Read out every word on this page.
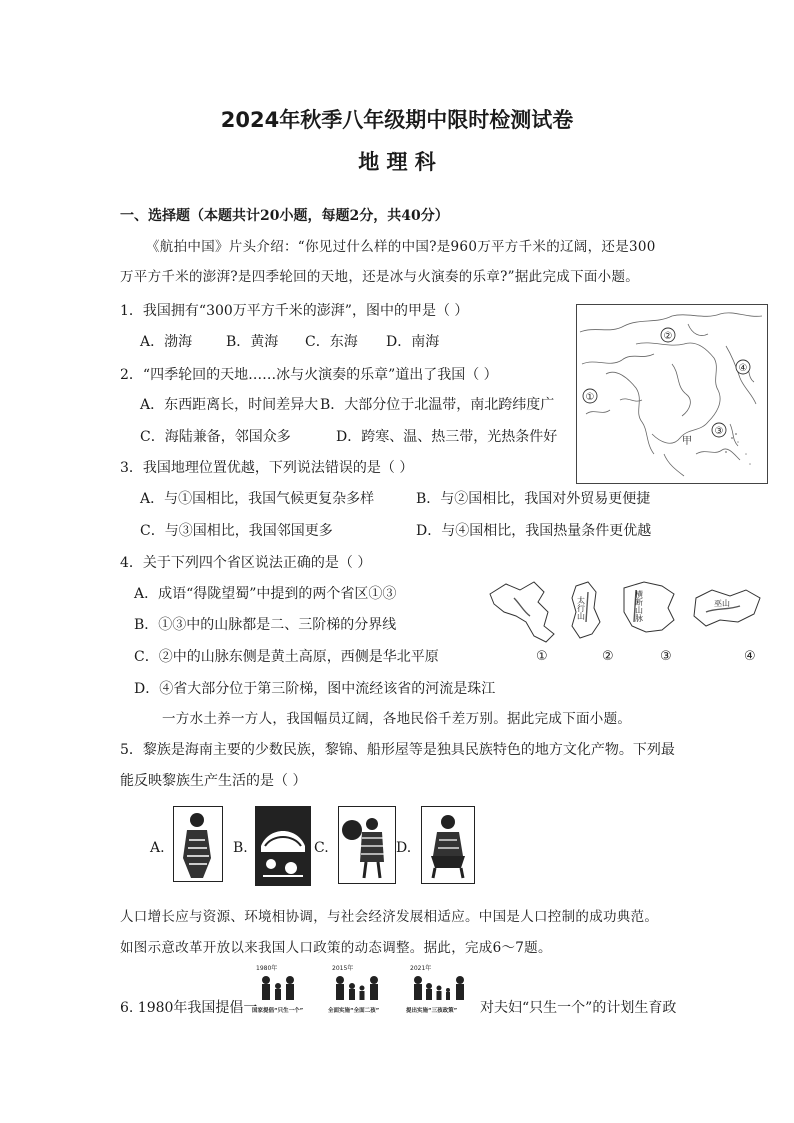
2024年秋季八年级期中限时检测试卷
地 理 科
一、选择题（本题共计20小题，每题2分，共40分）
《航拍中国》片头介绍：“你见过什么样的中国?是960万平方千米的辽阔，还是300
万平方千米的澎湃?是四季轮回的天地，还是冰与火演奏的乐章?”据此完成下面小题。
1．我国拥有“300万平方千米的澎湃”，图中的甲是（ ）
A．渤海 B．黄海 C．东海 D．南海
2．“四季轮回的天地……冰与火演奏的乐章”道出了我国（ ）
A．东西距离长，时间差异大 B．大部分位于北温带，南北跨纬度广
C．海陆兼备，邻国众多	D．跨寒、温、热三带，光热条件好
①
②
③
④
甲
3．我国地理位置优越，下列说法错误的是（ ）
A．与①国相比，我国气候更复杂多样	B．与②国相比，我国对外贸易更便捷
C．与③国相比，我国邻国更多	D．与④国相比，我国热量条件更优越
4．关于下列四个省区说法正确的是（ ）
A．成语“得陇望蜀”中提到的两个省区①③
B．①③中的山脉都是二、三阶梯的分界线
C．②中的山脉东侧是黄土高原，西侧是华北平原
D．④省大部分位于第三阶梯，图中流经该省的河流是珠江
太行山	横断山脉	巫山
①	②	③	④
一方水土养一方人，我国幅员辽阔，各地民俗千差万别。据此完成下面小题。
5．黎族是海南主要的少数民族，黎锦、船形屋等是独具民族特色的地方文化产物。下列最
能反映黎族生产生活的是（ ）
A.	B.	C.	D.
人口增长应与资源、环境相协调，与社会经济发展相适应。中国是人口控制的成功典范。
如图示意改革开放以来我国人口政策的动态调整。据此，完成6～7题。
6. 1980年我国提倡一
1980年	2015年	2021年
国家提倡“只生一个”	全面实施“全面二孩”	提出实施“三孩政策” 对夫妇“只生一个”的计划生育政
